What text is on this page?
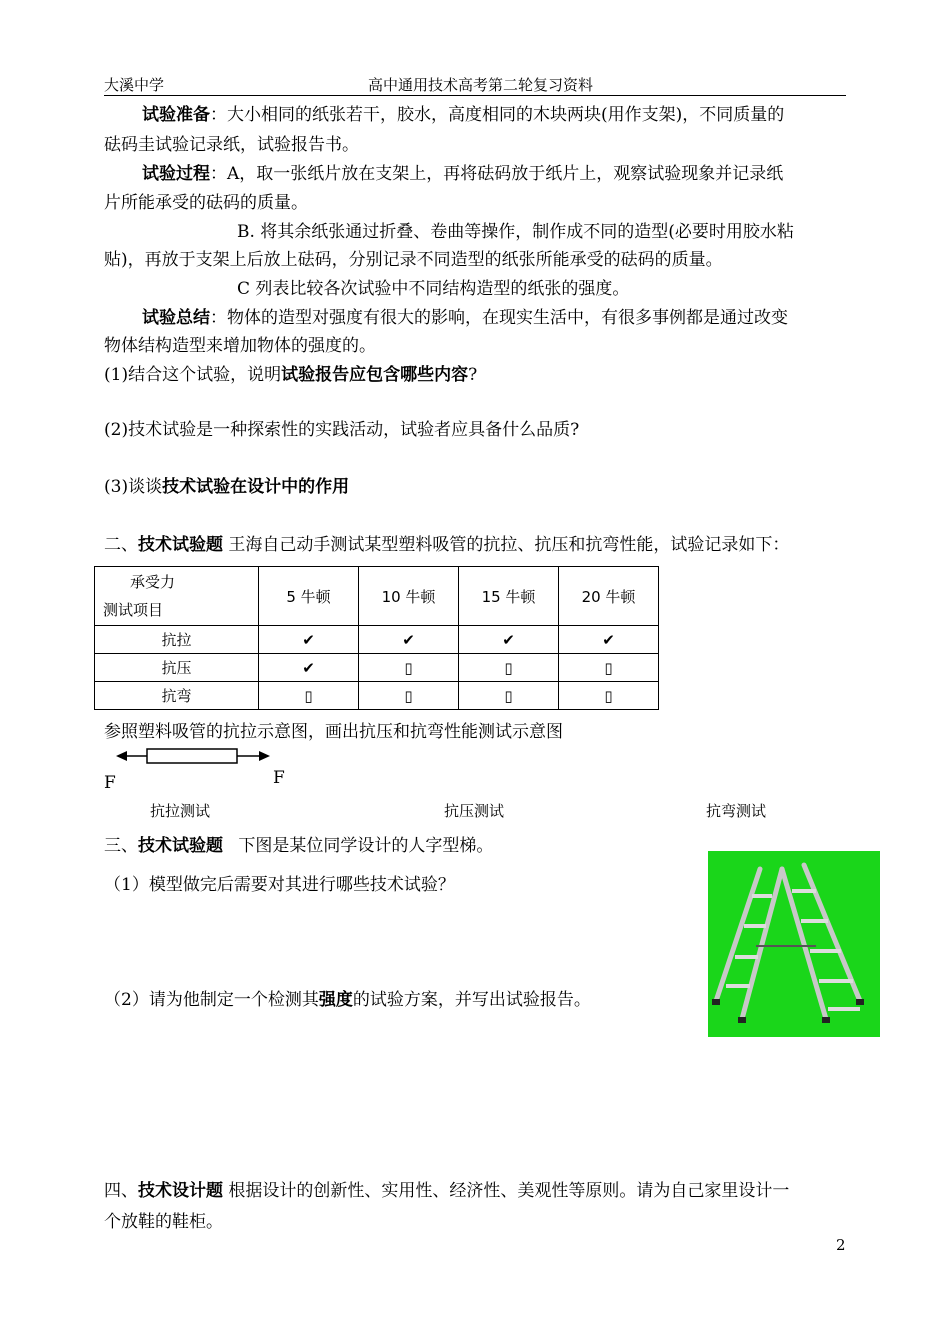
大溪中学	高中通用技术高考第二轮复习资料
试验准备：大小相同的纸张若干，胶水，高度相同的木块两块(用作支架)，不同质量的
砝码圭试验记录纸，试验报告书。
试验过程：A，取一张纸片放在支架上，再将砝码放于纸片上，观察试验现象并记录纸
片所能承受的砝码的质量。
B. 将其余纸张通过折叠、卷曲等操作，制作成不同的造型(必要时用胶水粘
贴)，再放于支架上后放上砝码，分别记录不同造型的纸张所能承受的砝码的质量。
C 列表比较各次试验中不同结构造型的纸张的强度。
试验总结：物体的造型对强度有很大的影响，在现实生活中，有很多事例都是通过改变
物体结构造型来增加物体的强度的。
(1)结合这个试验，说明试验报告应包含哪些内容?
(2)技术试验是一种探索性的实践活动，试验者应具备什么品质?
(3)谈谈技术试验在设计中的作用
二、技术试验题 王海自己动手测试某型塑料吸管的抗拉、抗压和抗弯性能，试验记录如下：
承受力
测试项目	5 牛顿	10 牛顿	15 牛顿	20 牛顿
抗拉	✔	✔	✔	✔
抗压	✔	▯	▯	▯
抗弯	▯	▯	▯	▯
参照塑料吸管的抗拉示意图，画出抗压和抗弯性能测试示意图
F	F
抗拉测试	抗压测试	抗弯测试
三、技术试验题 下图是某位同学设计的人字型梯。
（1）模型做完后需要对其进行哪些技术试验？
（2）请为他制定一个检测其强度的试验方案，并写出试验报告。
四、技术设计题 根据设计的创新性、实用性、经济性、美观性等原则。请为自己家里设计一
个放鞋的鞋柜。
2
